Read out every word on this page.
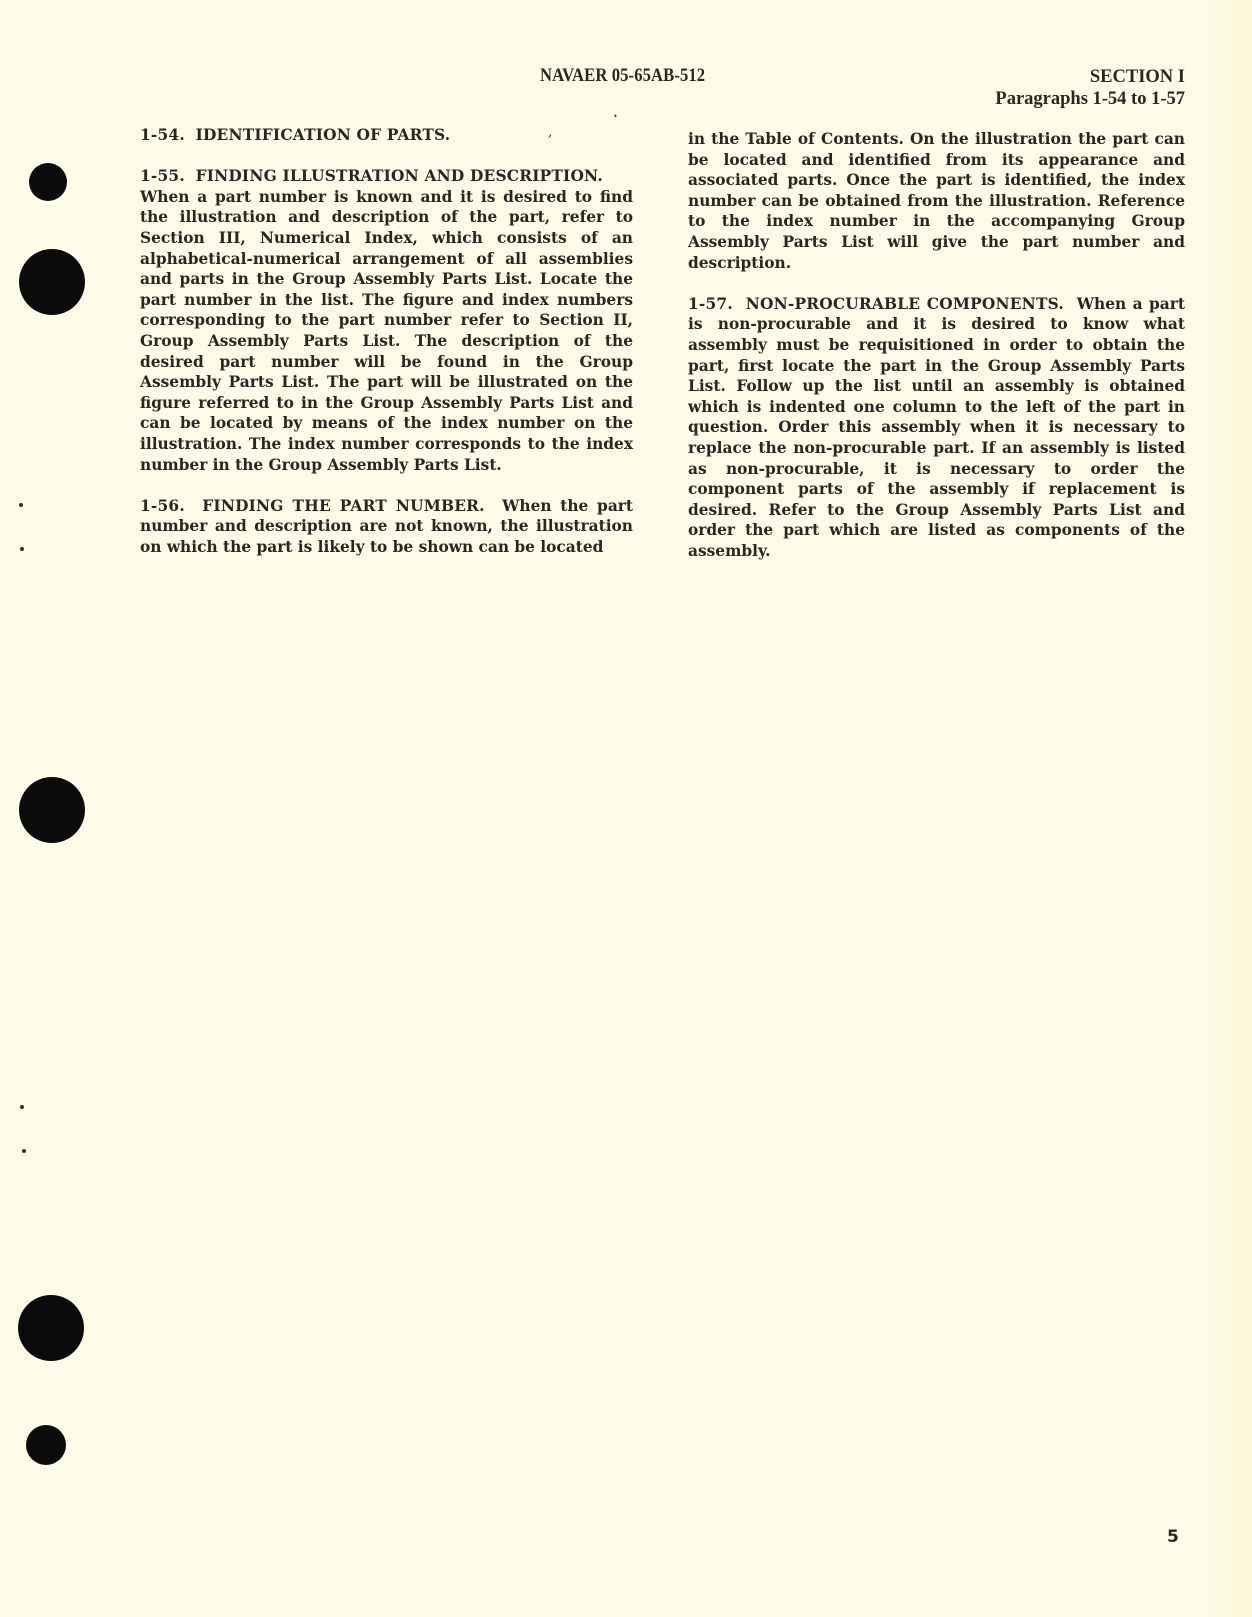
NAVAER 05-65AB-512	SECTION I
Paragraphs 1-54 to 1-57
,
•

1-54. IDENTIFICATION OF PARTS.

1-55. FINDING ILLUSTRATION AND DESCRIPTION.
When a part number is known and it is desired to find the illustration and description of the part, refer to Section III, Numerical Index, which consists of an alphabetical-numerical arrangement of all assemblies and parts in the Group Assembly Parts List. Locate the part number in the list. The figure and index numbers corresponding to the part number refer to Section II, Group Assembly Parts List. The description of the desired part number will be found in the Group Assembly Parts List. The part will be illustrated on the figure referred to in the Group Assembly Parts List and can be located by means of the index number on the illustration. The index number corresponds to the index number in the Group Assembly Parts List.

1-56. FINDING THE PART NUMBER. When the part number and description are not known, the illustration on which the part is likely to be shown can be located

in the Table of Contents. On the illustration the part can be located and identified from its appearance and associated parts. Once the part is identified, the index number can be obtained from the illustration. Reference to the index number in the accompanying Group Assembly Parts List will give the part number and description.

1-57. NON-PROCURABLE COMPONENTS. When a part is non-procurable and it is desired to know what assembly must be requisitioned in order to obtain the part, first locate the part in the Group Assembly Parts List. Follow up the list until an assembly is obtained which is indented one column to the left of the part in question. Order this assembly when it is necessary to replace the non-procurable part. If an assembly is listed as non-procurable, it is necessary to order the component parts of the assembly if replacement is desired. Refer to the Group Assembly Parts List and order the part which are listed as components of the assembly.

5
